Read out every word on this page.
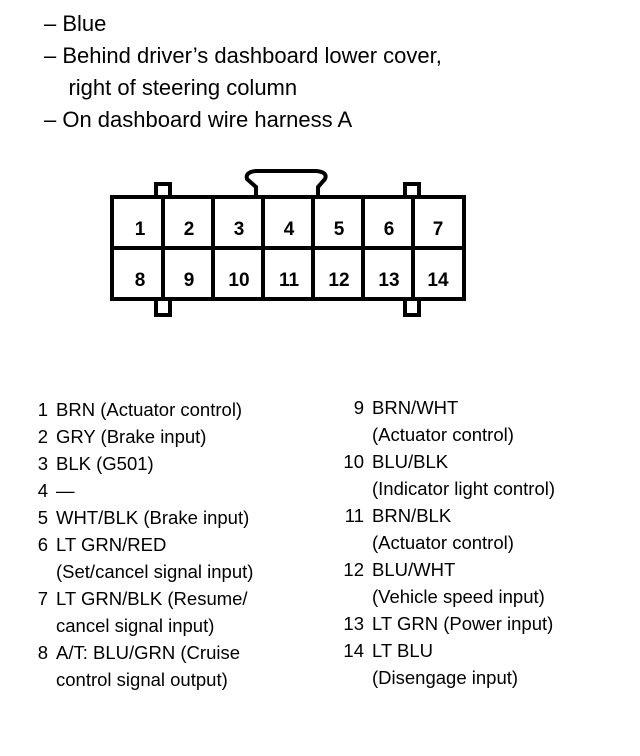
– Blue
– Behind driver’s dashboard lower cover,
right of steering column
– On dashboard wire harness A
1 2 3 4 5 6 7
8 9 10 11 12 13 14
1 BRN (Actuator control)
2 GRY (Brake input)
3 BLK (G501)
4 —
5 WHT/BLK (Brake input)
6 LT GRN/RED
(Set/cancel signal input)
7 LT GRN/BLK (Resume/
cancel signal input)
8 A/T: BLU/GRN (Cruise
control signal output)
9 BRN/WHT
(Actuator control)
10 BLU/BLK
(Indicator light control)
11 BRN/BLK
(Actuator control)
12 BLU/WHT
(Vehicle speed input)
13 LT GRN (Power input)
14 LT BLU
(Disengage input)
